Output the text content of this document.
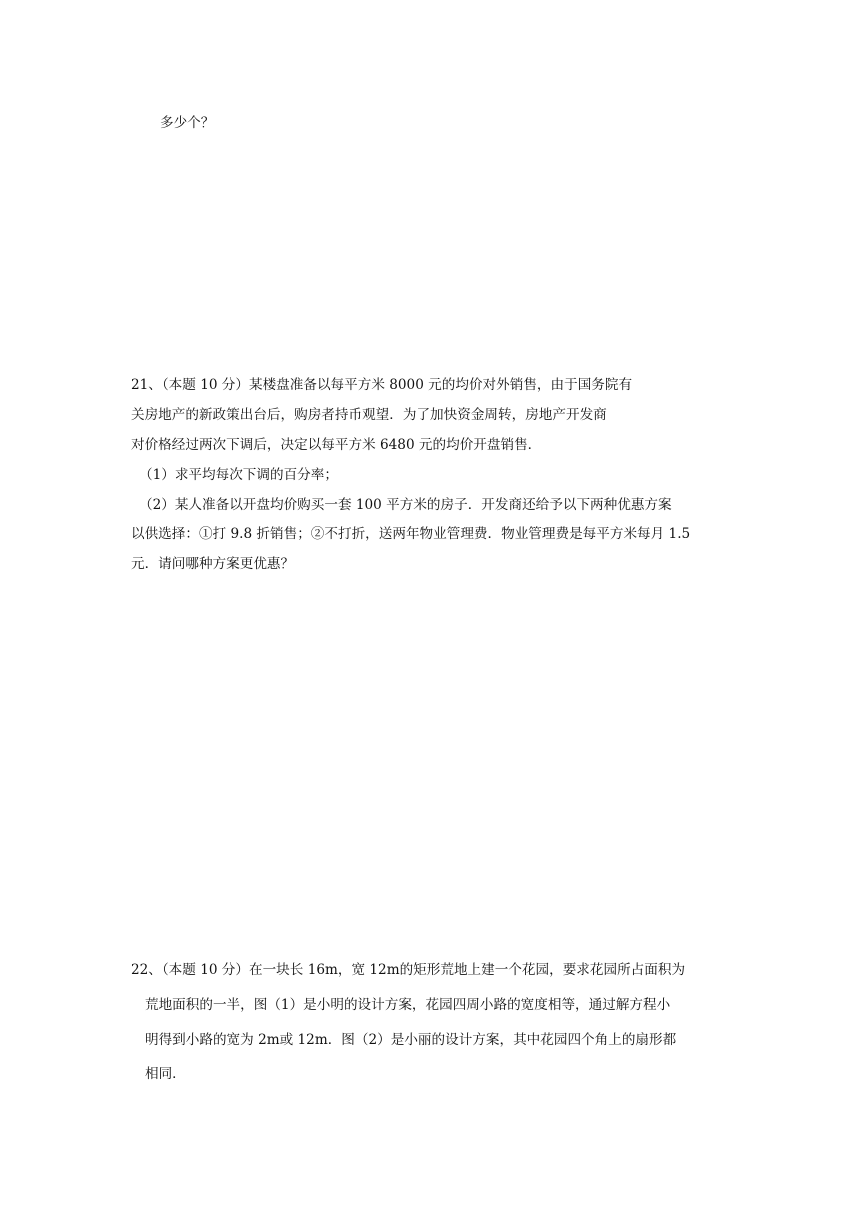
多少个？
21、（本题 10 分）某楼盘准备以每平方米 8000 元的均价对外销售，由于国务院有
关房地产的新政策出台后，购房者持币观望．为了加快资金周转，房地产开发商
对价格经过两次下调后，决定以每平方米 6480 元的均价开盘销售．
（1）求平均每次下调的百分率；
（2）某人准备以开盘均价购买一套 100 平方米的房子．开发商还给予以下两种优惠方案
以供选择：①打 9.8 折销售；②不打折，送两年物业管理费．物业管理费是每平方米每月 1.5
元．请问哪种方案更优惠？
22、（本题 10 分）在一块长 16m，宽 12m的矩形荒地上建一个花园，要求花园所占面积为
荒地面积的一半，图（1）是小明的设计方案，花园四周小路的宽度相等，通过解方程小
明得到小路的宽为 2m或 12m．图（2）是小丽的设计方案，其中花园四个角上的扇形都
相同．
